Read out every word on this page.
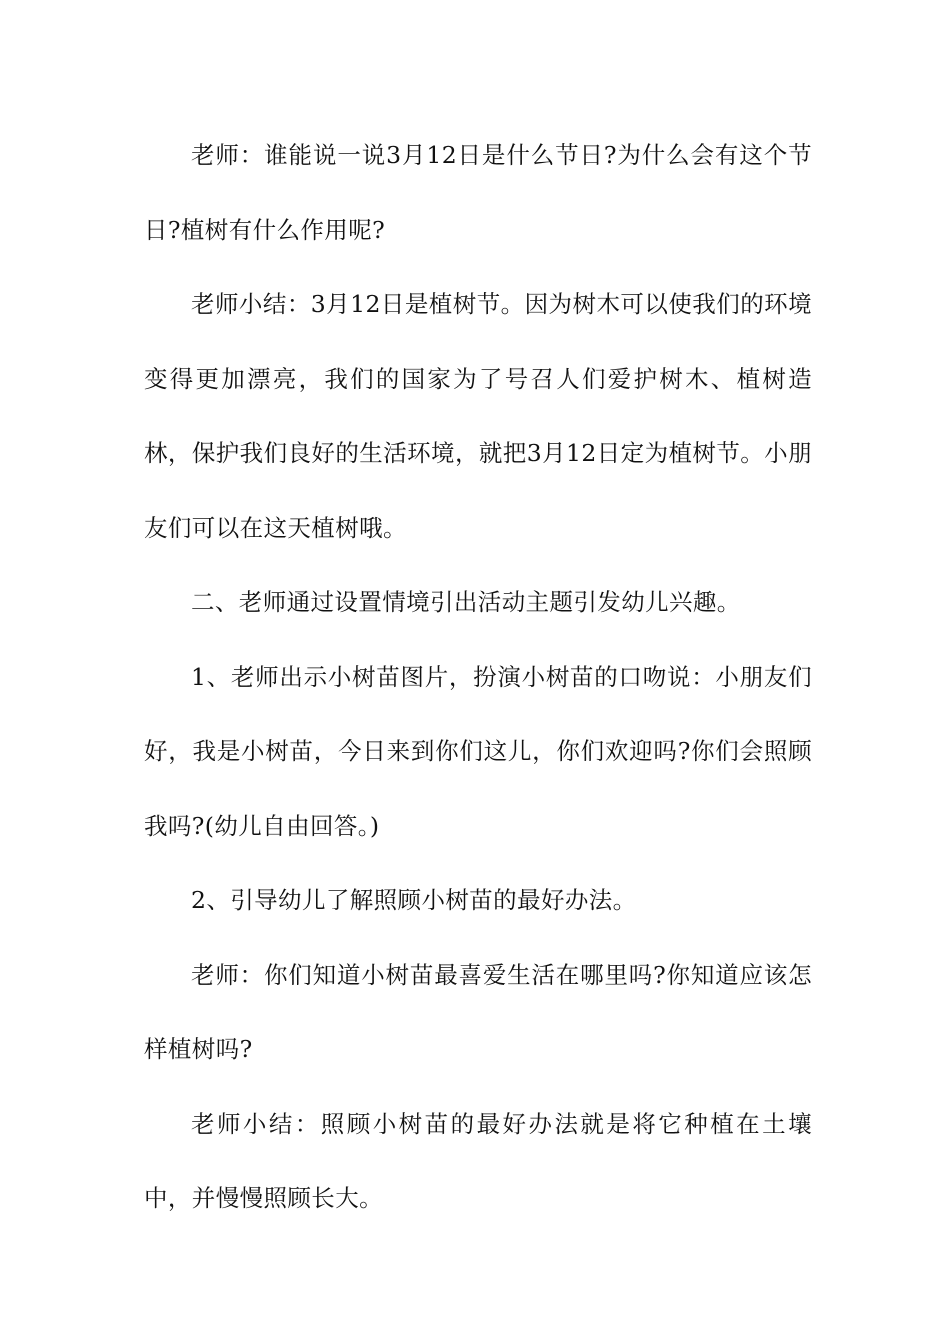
老师：谁能说一说3月12日是什么节日?为什么会有这个节日?植树有什么作用呢?

老师小结：3月12日是植树节。因为树木可以使我们的环境变得更加漂亮，我们的国家为了号召人们爱护树木、植树造林，保护我们良好的生活环境，就把3月12日定为植树节。小朋友们可以在这天植树哦。

二、老师通过设置情境引出活动主题引发幼儿兴趣。

1、老师出示小树苗图片，扮演小树苗的口吻说：小朋友们好，我是小树苗，今日来到你们这儿，你们欢迎吗?你们会照顾我吗?(幼儿自由回答。)

2、引导幼儿了解照顾小树苗的最好办法。

老师：你们知道小树苗最喜爱生活在哪里吗?你知道应该怎样植树吗?

老师小结：照顾小树苗的最好办法就是将它种植在土壤中，并慢慢照顾长大。
